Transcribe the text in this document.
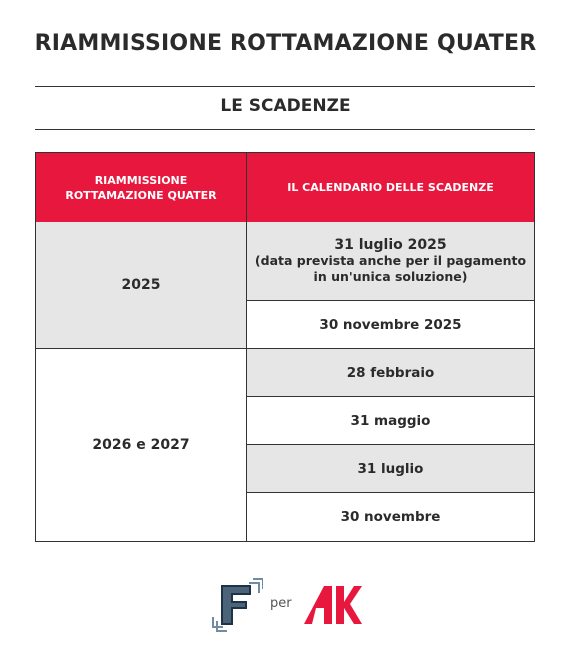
RIAMMISSIONE ROTTAMAZIONE QUATER
LE SCADENZE
RIAMMISSIONE
ROTTAMAZIONE QUATER
IL CALENDARIO DELLE SCADENZE
2025
31 luglio 2025
(data prevista anche per il pagamento
in un'unica soluzione)
30 novembre 2025
2026 e 2027
28 febbraio
31 maggio
31 luglio
30 novembre
per
